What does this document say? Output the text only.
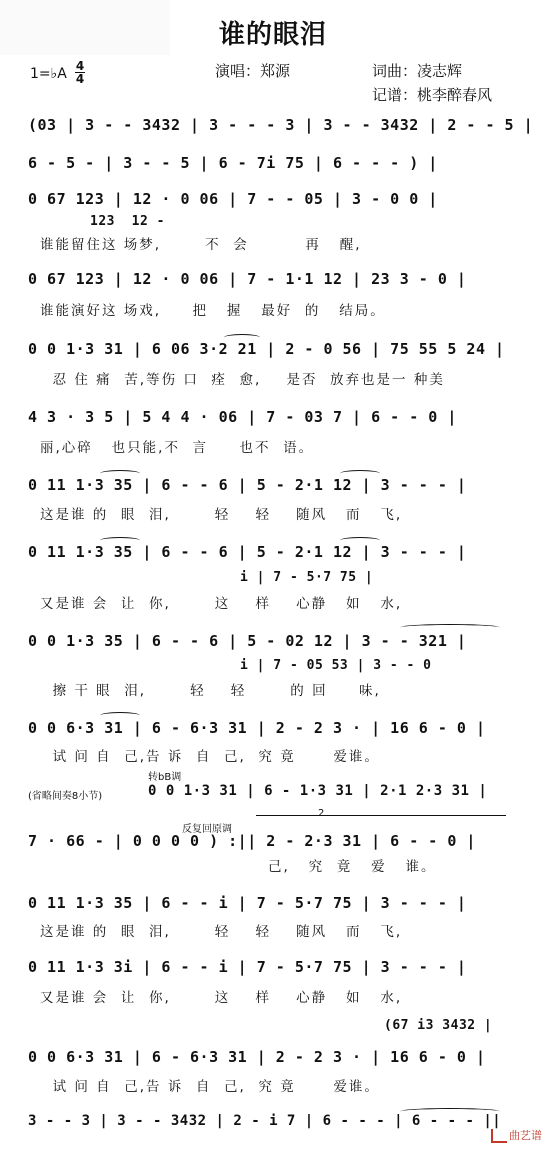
谁的眼泪
1=♭A 4
4	演唱：郑源	词曲：凌志辉
记谱：桃李醉春风
(03 | 3 - - 3432 | 3 - - - 3 | 3 - - 3432 | 2 - - 5 |
6 - 5 - | 3 - - 5 | 6 - 7i 75 | 6 - - - ) |
0 67 123 | 12 · 0 06 | 7 - - 05 | 3 - 0 0 |
123  12 -
谁能留住这 场梦,       不  会         再   醒,
0 67 123 | 12 · 0 06 | 7 - 1·1 12 | 23 3 - 0 |
谁能演好这 场戏,     把   握   最好  的   结局。
0 0 1·3 31 | 6 06 3·2 21 | 2 - 0 56 | 75 55 5 24 |
忍 住 痛  苦,等伤 口  痊  愈,    是否  放弃也是一 种美
4 3 · 3 5 | 5 4 4 · 06 | 7 - 03 7 | 6 - - 0 |
丽,心碎   也只能,不  言     也不  语。
0 11 1·3 35 | 6 - - 6 | 5 - 2·1 12 | 3 - - - |
这是谁 的  眼  泪,       轻    轻    随风   而   飞,
0 11 1·3 35 | 6 - - 6 | 5 - 2·1 12 | 3 - - - |
i | 7 - 5·7 75 |
又是谁 会  让  你,       这    样    心静   如   水,
0 0 1·3 35 | 6 - - 6 | 5 - 02 12 | 3 - - 321 |
i | 7 - 05 53 | 3 - - 0
擦 干 眼  泪,       轻    轻       的 回     味,
0 0 6·3 31 | 6 - 6·3 31 | 2 - 2 3 · | 16 6 - 0 |
试 问 自  己,告 诉  自  己,  究 竟      爱谁。
转bB调
(省略间奏8小节)	0 0 1·3 31 | 6 - 1·3 31 | 2·1 2·3 31 |
反复回原调
2
7 · 66 - | 0 0 0 0 ) :|| 2 - 2·3 31 | 6 - - 0 |
己,   究  竟   爱   谁。
0 11 1·3 35 | 6 - - i | 7 - 5·7 75 | 3 - - - |
这是谁 的  眼  泪,       轻    轻    随风   而   飞,
0 11 1·3 3i | 6 - - i | 7 - 5·7 75 | 3 - - - |
又是谁 会  让  你,       这    样    心静   如   水,
(67 i3 3432 |
0 0 6·3 31 | 6 - 6·3 31 | 2 - 2 3 · | 16 6 - 0 |
试 问 自  己,告 诉  自  己,  究 竟      爱谁。
3 - - 3 | 3 - - 3432 | 2 - i 7 | 6 - - - | 6 - - - ||
曲艺谱
